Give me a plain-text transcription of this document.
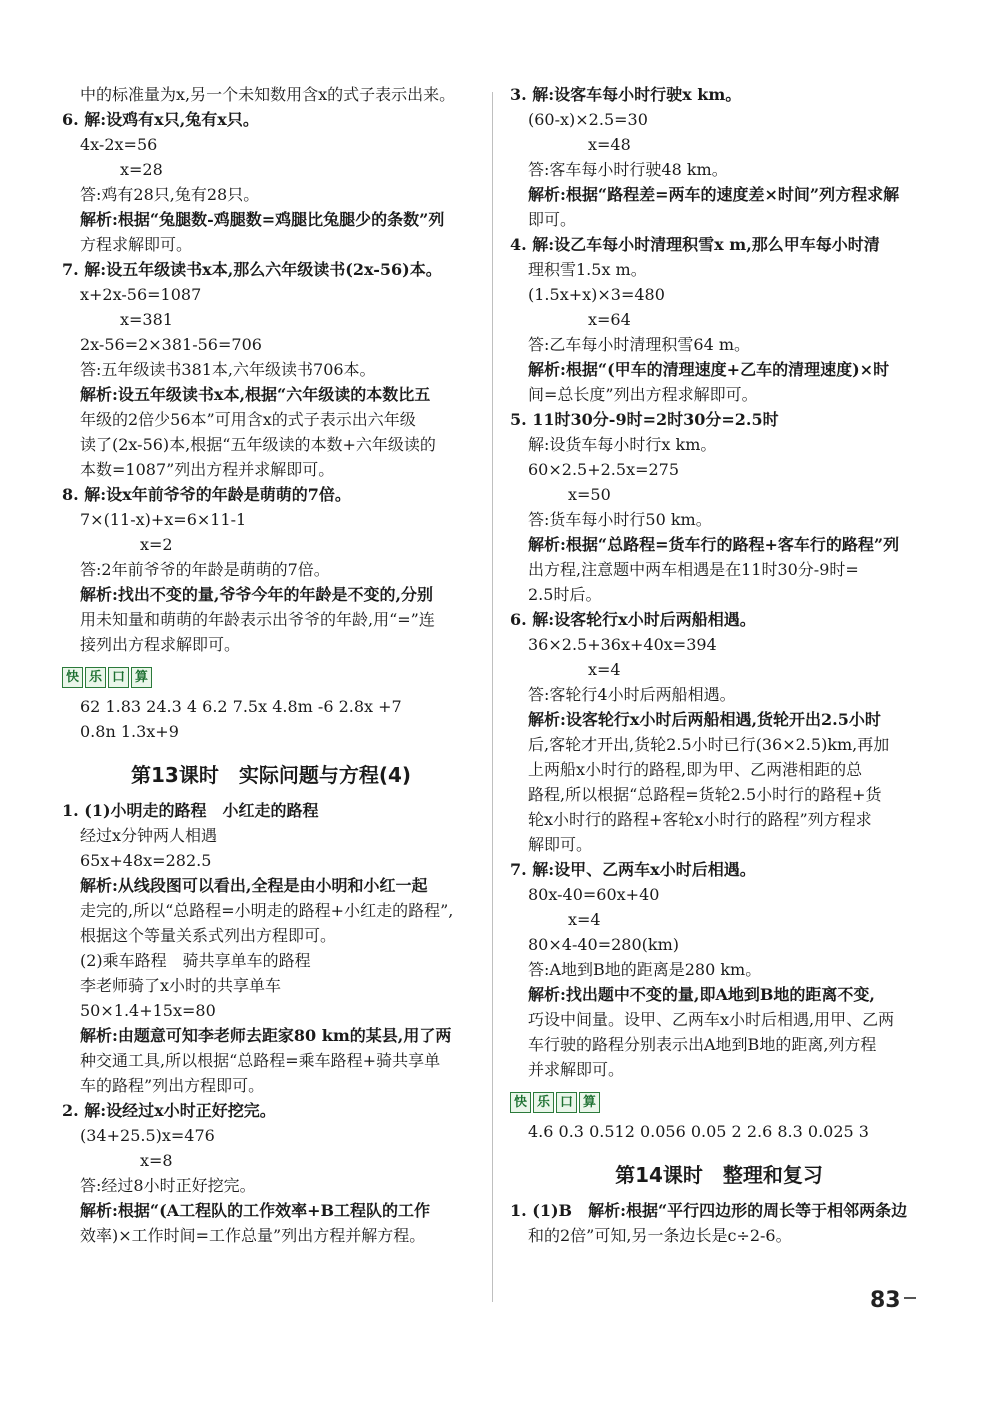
中的标准量为x,另一个未知数用含x的式子表示出来。
6. 解:设鸡有x只,兔有x只。
4x-2x=56
x=28
答:鸡有28只,兔有28只。
解析:根据“兔腿数-鸡腿数=鸡腿比兔腿少的条数”列
方程求解即可。
7. 解:设五年级读书x本,那么六年级读书(2x-56)本。
x+2x-56=1087
x=381
2x-56=2×381-56=706
答:五年级读书381本,六年级读书706本。
解析:设五年级读书x本,根据“六年级读的本数比五
年级的2倍少56本”可用含x的式子表示出六年级
读了(2x-56)本,根据“五年级读的本数+六年级读的
本数=1087”列出方程并求解即可。
8. 解:设x年前爷爷的年龄是萌萌的7倍。
7×(11-x)+x=6×11-1
x=2
答:2年前爷爷的年龄是萌萌的7倍。
解析:找出不变的量,爷爷今年的年龄是不变的,分别
用未知量和萌萌的年龄表示出爷爷的年龄,用“=”连
接列出方程求解即可。
快 乐 口 算
62 1.83 24.3 4 6.2 7.5x 4.8m -6 2.8x +7
0.8n 1.3x+9
第13课时　实际问题与方程(4)
1. (1)小明走的路程　小红走的路程
经过x分钟两人相遇
65x+48x=282.5
解析:从线段图可以看出,全程是由小明和小红一起
走完的,所以“总路程=小明走的路程+小红走的路程”,
根据这个等量关系式列出方程即可。
(2)乘车路程　骑共享单车的路程
李老师骑了x小时的共享单车
50×1.4+15x=80
解析:由题意可知李老师去距家80 km的某县,用了两
种交通工具,所以根据“总路程=乘车路程+骑共享单
车的路程”列出方程即可。
2. 解:设经过x小时正好挖完。
(34+25.5)x=476
x=8
答:经过8小时正好挖完。
解析:根据“(A工程队的工作效率+B工程队的工作
效率)×工作时间=工作总量”列出方程并解方程。
3. 解:设客车每小时行驶x km。
(60-x)×2.5=30
x=48
答:客车每小时行驶48 km。
解析:根据“路程差=两车的速度差×时间”列方程求解
即可。
4. 解:设乙车每小时清理积雪x m,那么甲车每小时清
理积雪1.5x m。
(1.5x+x)×3=480
x=64
答:乙车每小时清理积雪64 m。
解析:根据“(甲车的清理速度+乙车的清理速度)×时
间=总长度”列出方程求解即可。
5. 11时30分-9时=2时30分=2.5时
解:设货车每小时行x km。
60×2.5+2.5x=275
x=50
答:货车每小时行50 km。
解析:根据“总路程=货车行的路程+客车行的路程”列
出方程,注意题中两车相遇是在11时30分-9时=
2.5时后。
6. 解:设客轮行x小时后两船相遇。
36×2.5+36x+40x=394
x=4
答:客轮行4小时后两船相遇。
解析:设客轮行x小时后两船相遇,货轮开出2.5小时
后,客轮才开出,货轮2.5小时已行(36×2.5)km,再加
上两船x小时行的路程,即为甲、乙两港相距的总
路程,所以根据“总路程=货轮2.5小时行的路程+货
轮x小时行的路程+客轮x小时行的路程”列方程求
解即可。
7. 解:设甲、乙两车x小时后相遇。
80x-40=60x+40
x=4
80×4-40=280(km)
答:A地到B地的距离是280 km。
解析:找出题中不变的量,即A地到B地的距离不变,
巧设中间量。设甲、乙两车x小时后相遇,用甲、乙两
车行驶的路程分别表示出A地到B地的距离,列方程
并求解即可。
快 乐 口 算
4.6 0.3 0.512 0.056 0.05 2 2.6 8.3 0.025 3
第14课时　整理和复习
1. (1)B　解析:根据“平行四边形的周长等于相邻两条边
和的2倍”可知,另一条边长是c÷2-6。
83
